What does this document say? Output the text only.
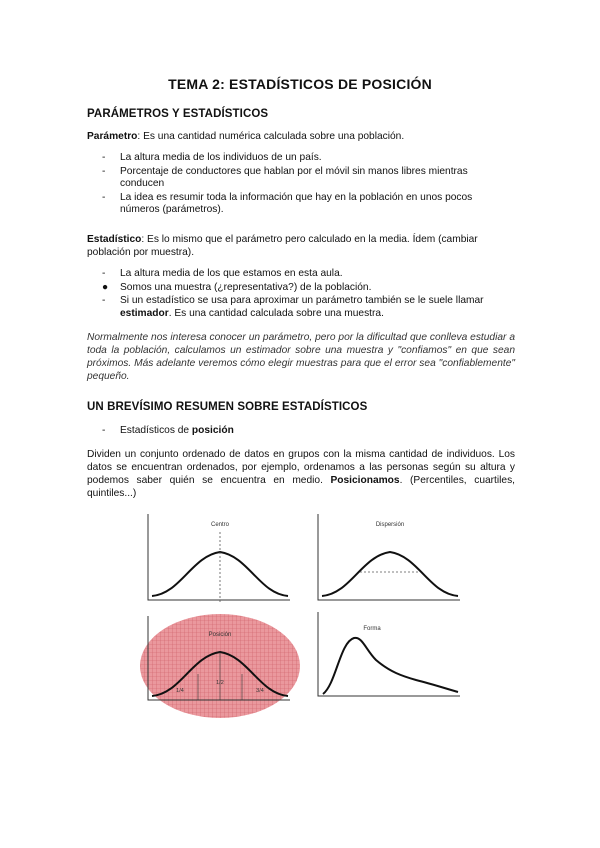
TEMA 2: ESTADÍSTICOS DE POSICIÓN
PARÁMETROS Y ESTADÍSTICOS
Parámetro: Es una cantidad numérica calculada sobre una población.
- La altura media de los individuos de un país.
- Porcentaje de conductores que hablan por el móvil sin manos libres mientras conducen
- La idea es resumir toda la información que hay en la población en unos pocos números (parámetros).
Estadístico: Es lo mismo que el parámetro pero calculado en la media. Ídem (cambiar población por muestra).
- La altura media de los que estamos en esta aula.
● Somos una muestra (¿representativa?) de la población.
- Si un estadístico se usa para aproximar un parámetro también se le suele llamar estimador. Es una cantidad calculada sobre una muestra.
Normalmente nos interesa conocer un parámetro, pero por la dificultad que conlleva estudiar a toda la población, calculamos un estimador sobre una muestra y "confiamos" en que sean próximos. Más adelante veremos cómo elegir muestras para que el error sea "confiablemente" pequeño.
UN BREVÍSIMO RESUMEN SOBRE ESTADÍSTICOS
- Estadísticos de posición
Dividen un conjunto ordenado de datos en grupos con la misma cantidad de individuos. Los datos se encuentran ordenados, por ejemplo, ordenamos a las personas según su altura y podemos saber quién se encuentra en medio. Posicionamos. (Percentiles, cuartiles, quintiles...)
Centro	Dispersión
Posición
1/4
1/2
3/4
Forma
